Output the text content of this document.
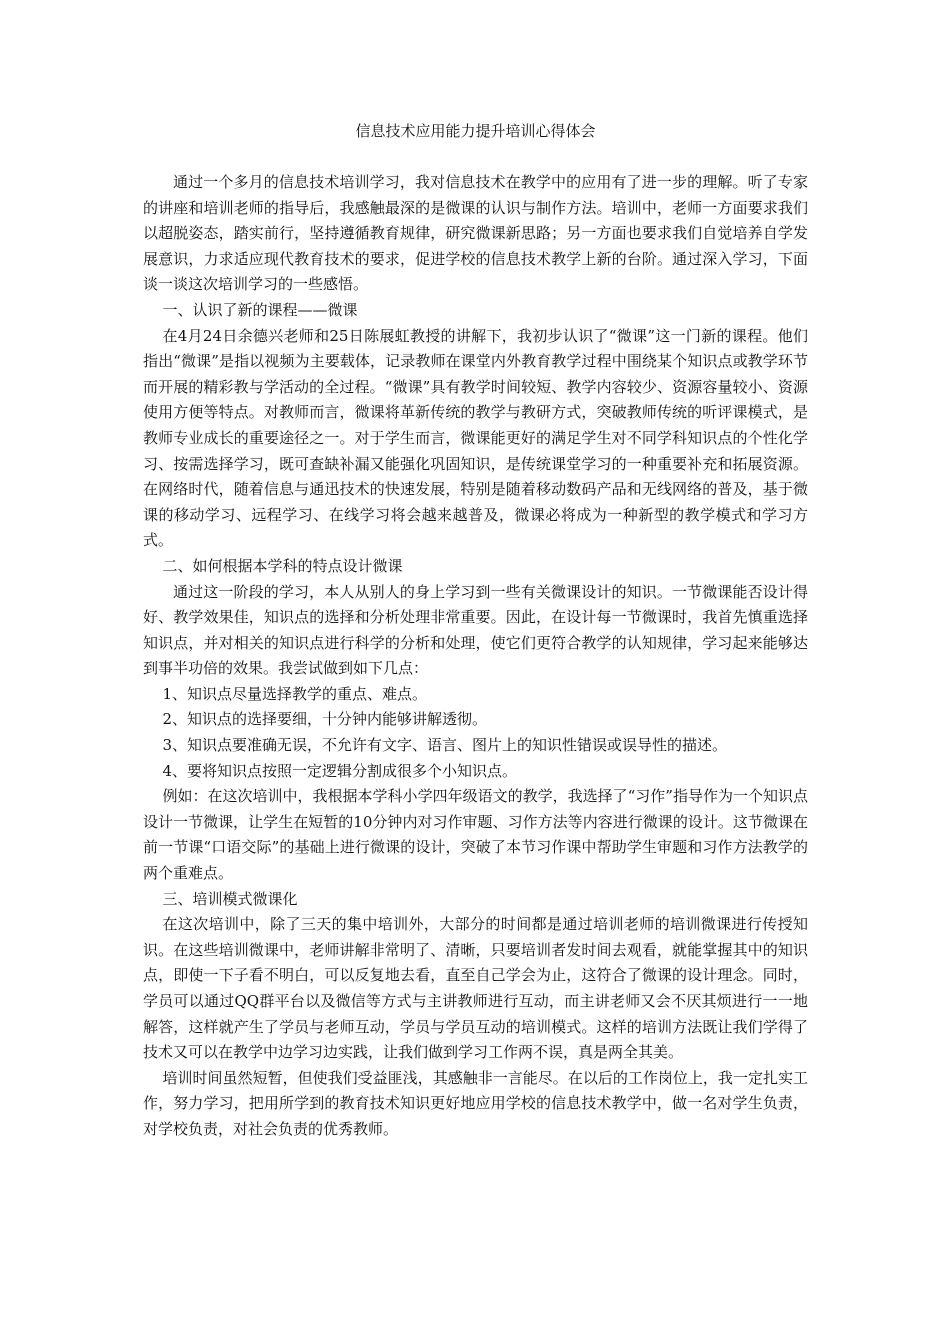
信息技术应用能力提升培训心得体会

通过一个多月的信息技术培训学习，我对信息技术在教学中的应用有了进一步的理解。听了专家的讲座和培训老师的指导后，我感触最深的是微课的认识与制作方法。培训中，老师一方面要求我们以超脱姿态，踏实前行，坚持遵循教育规律，研究微课新思路；另一方面也要求我们自觉培养自学发展意识，力求适应现代教育技术的要求，促进学校的信息技术教学上新的台阶。通过深入学习，下面谈一谈这次培训学习的一些感悟。

一、认识了新的课程——微课

在4月24日余德兴老师和25日陈展虹教授的讲解下，我初步认识了“微课”这一门新的课程。他们指出“微课”是指以视频为主要载体，记录教师在课堂内外教育教学过程中围绕某个知识点或教学环节而开展的精彩教与学活动的全过程。“微课”具有教学时间较短、教学内容较少、资源容量较小、资源使用方便等特点。对教师而言，微课将革新传统的教学与教研方式，突破教师传统的听评课模式，是教师专业成长的重要途径之一。对于学生而言，微课能更好的满足学生对不同学科知识点的个性化学习、按需选择学习，既可查缺补漏又能强化巩固知识，是传统课堂学习的一种重要补充和拓展资源。在网络时代，随着信息与通迅技术的快速发展，特别是随着移动数码产品和无线网络的普及，基于微课的移动学习、远程学习、在线学习将会越来越普及，微课必将成为一种新型的教学模式和学习方式。

二、如何根据本学科的特点设计微课

通过这一阶段的学习，本人从别人的身上学习到一些有关微课设计的知识。一节微课能否设计得好、教学效果佳，知识点的选择和分析处理非常重要。因此，在设计每一节微课时，我首先慎重选择知识点，并对相关的知识点进行科学的分析和处理，使它们更符合教学的认知规律，学习起来能够达到事半功倍的效果。我尝试做到如下几点：

1、知识点尽量选择教学的重点、难点。

2、知识点的选择要细，十分钟内能够讲解透彻。

3、知识点要准确无误，不允许有文字、语言、图片上的知识性错误或误导性的描述。

4、要将知识点按照一定逻辑分割成很多个小知识点。

例如：在这次培训中，我根据本学科小学四年级语文的教学，我选择了“习作”指导作为一个知识点设计一节微课，让学生在短暂的10分钟内对习作审题、习作方法等内容进行微课的设计。这节微课在前一节课“口语交际”的基础上进行微课的设计，突破了本节习作课中帮助学生审题和习作方法教学的两个重难点。

三、培训模式微课化

在这次培训中，除了三天的集中培训外，大部分的时间都是通过培训老师的培训微课进行传授知识。在这些培训微课中，老师讲解非常明了、清晰，只要培训者发时间去观看，就能掌握其中的知识点，即使一下子看不明白，可以反复地去看，直至自己学会为止，这符合了微课的设计理念。同时，学员可以通过QQ群平台以及微信等方式与主讲教师进行互动，而主讲老师又会不厌其烦进行一一地解答，这样就产生了学员与老师互动，学员与学员互动的培训模式。这样的培训方法既让我们学得了技术又可以在教学中边学习边实践，让我们做到学习工作两不误，真是两全其美。

培训时间虽然短暂，但使我们受益匪浅，其感触非一言能尽。在以后的工作岗位上，我一定扎实工作，努力学习，把用所学到的教育技术知识更好地应用学校的信息技术教学中，做一名对学生负责，对学校负责，对社会负责的优秀教师。
